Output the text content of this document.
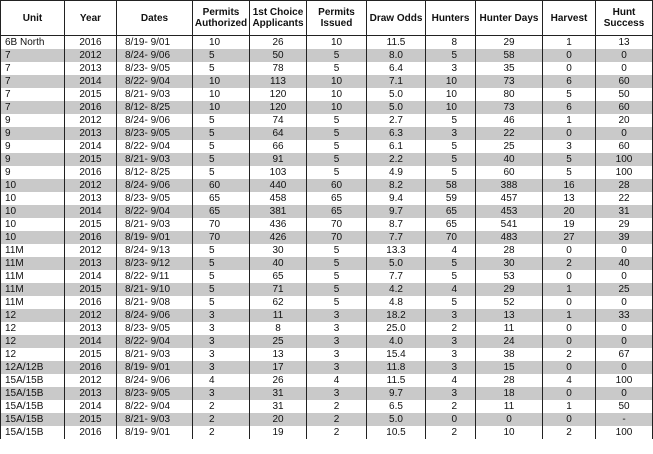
Unit	Year	Dates	Permits Authorized	1st Choice Applicants	Permits Issued	Draw Odds	Hunters	Hunter Days	Harvest	Hunt Success
6B North	2016	8/19- 9/01	10	26	10	11.5	8	29	1	13
7	2012	8/24- 9/06	5	50	5	8.0	5	58	0	0
7	2013	8/23- 9/05	5	78	5	6.4	3	35	0	0
7	2014	8/22- 9/04	10	113	10	7.1	10	73	6	60
7	2015	8/21- 9/03	10	120	10	5.0	10	80	5	50
7	2016	8/12- 8/25	10	120	10	5.0	10	73	6	60
9	2012	8/24- 9/06	5	74	5	2.7	5	46	1	20
9	2013	8/23- 9/05	5	64	5	6.3	3	22	0	0
9	2014	8/22- 9/04	5	66	5	6.1	5	25	3	60
9	2015	8/21- 9/03	5	91	5	2.2	5	40	5	100
9	2016	8/12- 8/25	5	103	5	4.9	5	60	5	100
10	2012	8/24- 9/06	60	440	60	8.2	58	388	16	28
10	2013	8/23- 9/05	65	458	65	9.4	59	457	13	22
10	2014	8/22- 9/04	65	381	65	9.7	65	453	20	31
10	2015	8/21- 9/03	70	436	70	8.7	65	541	19	29
10	2016	8/19- 9/01	70	426	70	7.7	70	483	27	39
11M	2012	8/24- 9/13	5	30	5	13.3	4	28	0	0
11M	2013	8/23- 9/12	5	40	5	5.0	5	30	2	40
11M	2014	8/22- 9/11	5	65	5	7.7	5	53	0	0
11M	2015	8/21- 9/10	5	71	5	4.2	4	29	1	25
11M	2016	8/21- 9/08	5	62	5	4.8	5	52	0	0
12	2012	8/24- 9/06	3	11	3	18.2	3	13	1	33
12	2013	8/23- 9/05	3	8	3	25.0	2	11	0	0
12	2014	8/22- 9/04	3	25	3	4.0	3	24	0	0
12	2015	8/21- 9/03	3	13	3	15.4	3	38	2	67
12A/12B	2016	8/19- 9/01	3	17	3	11.8	3	15	0	0
15A/15B	2012	8/24- 9/06	4	26	4	11.5	4	28	4	100
15A/15B	2013	8/23- 9/05	3	31	3	9.7	3	18	0	0
15A/15B	2014	8/22- 9/04	2	31	2	6.5	2	11	1	50
15A/15B	2015	8/21- 9/03	2	20	2	5.0	0	0	0	-
15A/15B	2016	8/19- 9/01	2	19	2	10.5	2	10	2	100
